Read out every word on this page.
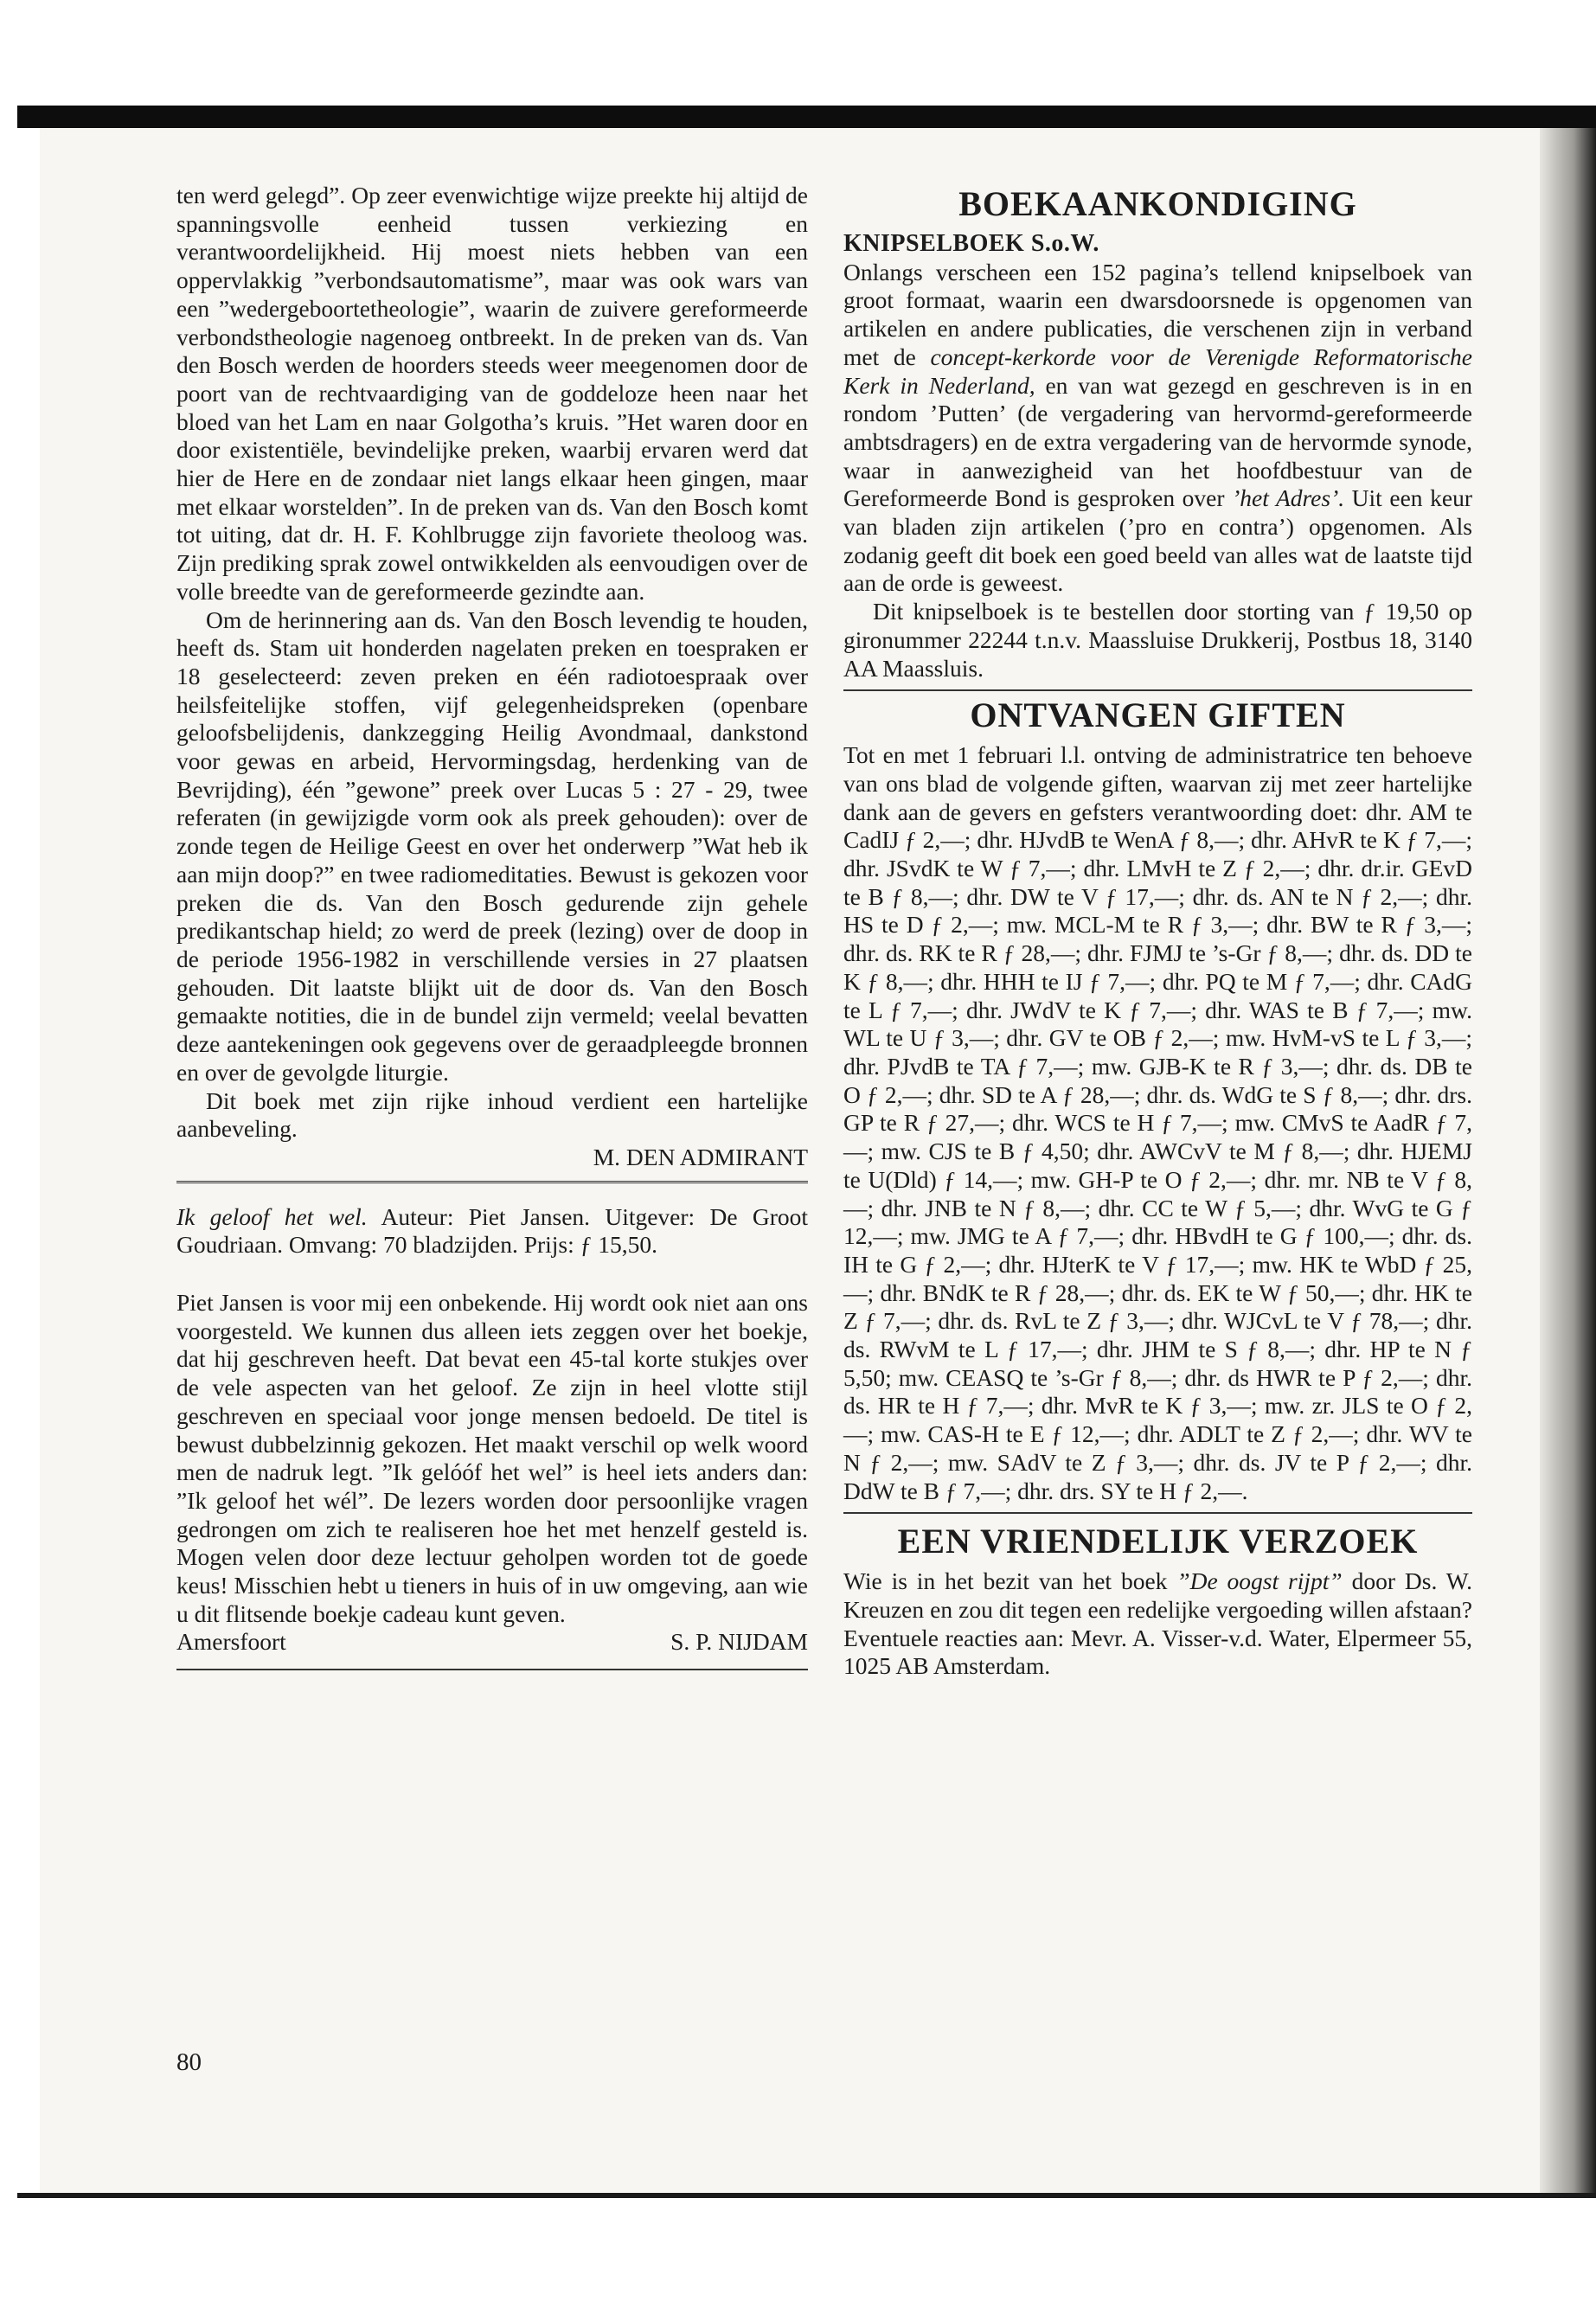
ten werd gelegd”. Op zeer evenwichtige wijze preekte hij altijd de spanningsvolle eenheid tussen verkiezing en verantwoordelijkheid. Hij moest niets hebben van een oppervlakkig ”verbondsautomatisme”, maar was ook wars van een ”wedergeboortetheologie”, waarin de zuivere gereformeerde verbondstheologie nagenoeg ontbreekt. In de preken van ds. Van den Bosch werden de hoorders steeds weer meegenomen door de poort van de rechtvaardiging van de goddeloze heen naar het bloed van het Lam en naar Golgotha’s kruis. ”Het waren door en door existentiële, bevindelijke preken, waarbij ervaren werd dat hier de Here en de zondaar niet langs elkaar heen gingen, maar met elkaar worstelden”. In de preken van ds. Van den Bosch komt tot uiting, dat dr. H. F. Kohlbrugge zijn favoriete theoloog was. Zijn prediking sprak zowel ontwikkelden als eenvoudigen over de volle breedte van de gereformeerde gezindte aan.

Om de herinnering aan ds. Van den Bosch levendig te houden, heeft ds. Stam uit honderden nagelaten preken en toespraken er 18 geselecteerd: zeven preken en één radiotoespraak over heilsfeitelijke stoffen, vijf gelegenheidspreken (openbare geloofsbelijdenis, dankzegging Heilig Avondmaal, dankstond voor gewas en arbeid, Hervormingsdag, herdenking van de Bevrijding), één ”gewone” preek over Lucas 5 : 27 - 29, twee referaten (in gewijzigde vorm ook als preek gehouden): over de zonde tegen de Heilige Geest en over het onderwerp ”Wat heb ik aan mijn doop?” en twee radiomeditaties. Bewust is gekozen voor preken die ds. Van den Bosch gedurende zijn gehele predikantschap hield; zo werd de preek (lezing) over de doop in de periode 1956-1982 in verschillende versies in 27 plaatsen gehouden. Dit laatste blijkt uit de door ds. Van den Bosch gemaakte notities, die in de bundel zijn vermeld; veelal bevatten deze aantekeningen ook gegevens over de geraadpleegde bronnen en over de gevolgde liturgie.

Dit boek met zijn rijke inhoud verdient een hartelijke aanbeveling.

M. DEN ADMIRANT

Ik geloof het wel. Auteur: Piet Jansen. Uitgever: De Groot Goudriaan. Omvang: 70 bladzijden. Prijs: ƒ 15,50.

Piet Jansen is voor mij een onbekende. Hij wordt ook niet aan ons voorgesteld. We kunnen dus alleen iets zeggen over het boekje, dat hij geschreven heeft. Dat bevat een 45-tal korte stukjes over de vele aspecten van het geloof. Ze zijn in heel vlotte stijl geschreven en speciaal voor jonge mensen bedoeld. De titel is bewust dubbelzinnig gekozen. Het maakt verschil op welk woord men de nadruk legt. ”Ik gelóóf het wel” is heel iets anders dan: ”Ik geloof het wél”. De lezers worden door persoonlijke vragen gedrongen om zich te realiseren hoe het met henzelf gesteld is. Mogen velen door deze lectuur geholpen worden tot de goede keus! Misschien hebt u tieners in huis of in uw omgeving, aan wie u dit flitsende boekje cadeau kunt geven.

Amersfoort	S. P. NIJDAM
80
BOEKAANKONDIGING

KNIPSELBOEK S.o.W.

Onlangs verscheen een 152 pagina’s tellend knipselboek van groot formaat, waarin een dwarsdoorsnede is opgenomen van artikelen en andere publicaties, die verschenen zijn in verband met de concept-kerkorde voor de Verenigde Reformatorische Kerk in Nederland, en van wat gezegd en geschreven is in en rondom ’Putten’ (de vergadering van hervormd-gereformeerde ambtsdragers) en de extra vergadering van de hervormde synode, waar in aanwezigheid van het hoofdbestuur van de Gereformeerde Bond is gesproken over ’het Adres’. Uit een keur van bladen zijn artikelen (’pro en contra’) opgenomen. Als zodanig geeft dit boek een goed beeld van alles wat de laatste tijd aan de orde is geweest.

Dit knipselboek is te bestellen door storting van ƒ 19,50 op gironummer 22244 t.n.v. Maassluise Drukkerij, Postbus 18, 3140 AA Maassluis.

ONTVANGEN GIFTEN

Tot en met 1 februari l.l. ontving de administratrice ten behoeve van ons blad de volgende giften, waarvan zij met zeer hartelijke dank aan de gevers en gefsters verantwoording doet: dhr. AM te CadIJ ƒ 2,—; dhr. HJvdB te WenA ƒ 8,—; dhr. AHvR te K ƒ 7,—; dhr. JSvdK te W ƒ 7,—; dhr. LMvH te Z ƒ 2,—; dhr. dr.ir. GEvD te B ƒ 8,—; dhr. DW te V ƒ 17,—; dhr. ds. AN te N ƒ 2,—; dhr. HS te D ƒ 2,—; mw. MCL-M te R ƒ 3,—; dhr. BW te R ƒ 3,—; dhr. ds. RK te R ƒ 28,—; dhr. FJMJ te ’s-Gr ƒ 8,—; dhr. ds. DD te K ƒ 8,—; dhr. HHH te IJ ƒ 7,—; dhr. PQ te M ƒ 7,—; dhr. CAdG te L ƒ 7,—; dhr. JWdV te K ƒ 7,—; dhr. WAS te B ƒ 7,—; mw. WL te U ƒ 3,—; dhr. GV te OB ƒ 2,—; mw. HvM-vS te L ƒ 3,—; dhr. PJvdB te TA ƒ 7,—; mw. GJB-K te R ƒ 3,—; dhr. ds. DB te O ƒ 2,—; dhr. SD te A ƒ 28,—; dhr. ds. WdG te S ƒ 8,—; dhr. drs. GP te R ƒ 27,—; dhr. WCS te H ƒ 7,—; mw. CMvS te AadR ƒ 7,—; mw. CJS te B ƒ 4,50; dhr. AWCvV te M ƒ 8,—; dhr. HJEMJ te U(Dld) ƒ 14,—; mw. GH-P te O ƒ 2,—; dhr. mr. NB te V ƒ 8,—; dhr. JNB te N ƒ 8,—; dhr. CC te W ƒ 5,—; dhr. WvG te G ƒ 12,—; mw. JMG te A ƒ 7,—; dhr. HBvdH te G ƒ 100,—; dhr. ds. IH te G ƒ 2,—; dhr. HJterK te V ƒ 17,—; mw. HK te WbD ƒ 25,—; dhr. BNdK te R ƒ 28,—; dhr. ds. EK te W ƒ 50,—; dhr. HK te Z ƒ 7,—; dhr. ds. RvL te Z ƒ 3,—; dhr. WJCvL te V ƒ 78,—; dhr. ds. RWvM te L ƒ 17,—; dhr. JHM te S ƒ 8,—; dhr. HP te N ƒ 5,50; mw. CEASQ te ’s-Gr ƒ 8,—; dhr. ds HWR te P ƒ 2,—; dhr. ds. HR te H ƒ 7,—; dhr. MvR te K ƒ 3,—; mw. zr. JLS te O ƒ 2,—; mw. CAS-H te E ƒ 12,—; dhr. ADLT te Z ƒ 2,—; dhr. WV te N ƒ 2,—; mw. SAdV te Z ƒ 3,—; dhr. ds. JV te P ƒ 2,—; dhr. DdW te B ƒ 7,—; dhr. drs. SY te H ƒ 2,—.

EEN VRIENDELIJK VERZOEK

Wie is in het bezit van het boek ”De oogst rijpt” door Ds. W. Kreuzen en zou dit tegen een redelijke vergoeding willen afstaan? Eventuele reacties aan: Mevr. A. Visser-v.d. Water, Elpermeer 55, 1025 AB Amsterdam.
